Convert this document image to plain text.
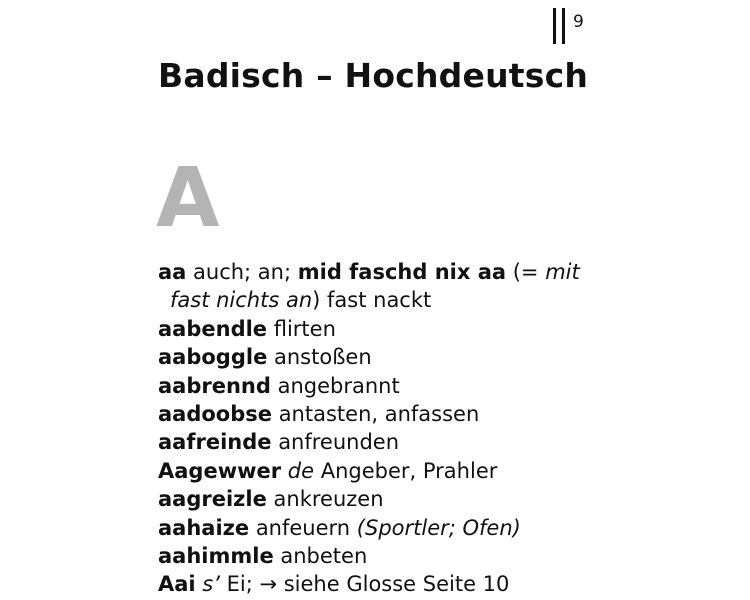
9
Badisch – Hochdeutsch
A
aa auch; an; mid faschd nix aa (= mit
fast nichts an) fast nackt
aabendle flirten
aaboggle anstoßen
aabrennd angebrannt
aadoobse antasten, anfassen
aafreinde anfreunden
Aagewwer de Angeber, Prahler
aagreizle ankreuzen
aahaize anfeuern (Sportler; Ofen)
aahimmle anbeten
Aai s’ Ei; → siehe Glosse Seite 10
